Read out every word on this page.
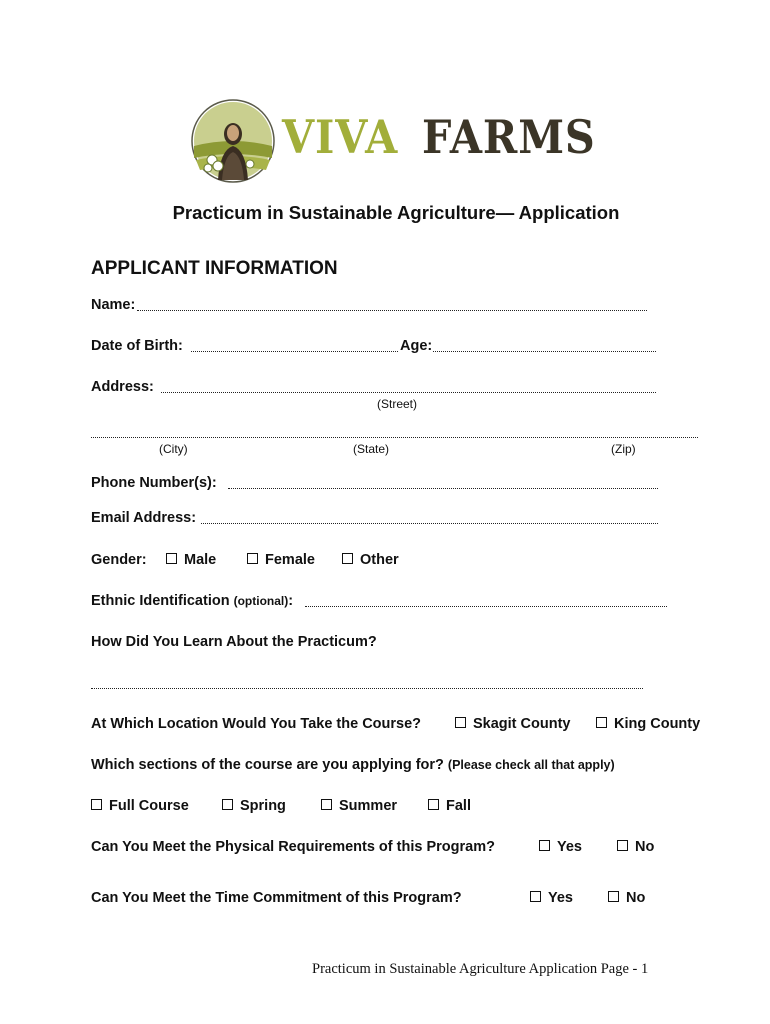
VIVA FARMS
Practicum in Sustainable Agriculture— Application
APPLICANT INFORMATION
Name:
Date of Birth:	Age:
Address:
(Street)
(City)	(State)	(Zip)
Phone Number(s):
Email Address:
Gender:	Male	Female	Other
Ethnic Identification (optional):
How Did You Learn About the Practicum?
At Which Location Would You Take the Course?	Skagit County	King County
Which sections of the course are you applying for? (Please check all that apply)
Full Course	Spring	Summer	Fall
Can You Meet the Physical Requirements of this Program?	Yes	No
Can You Meet the Time Commitment of this Program?	Yes	No
Practicum in Sustainable Agriculture Application Page - 1
